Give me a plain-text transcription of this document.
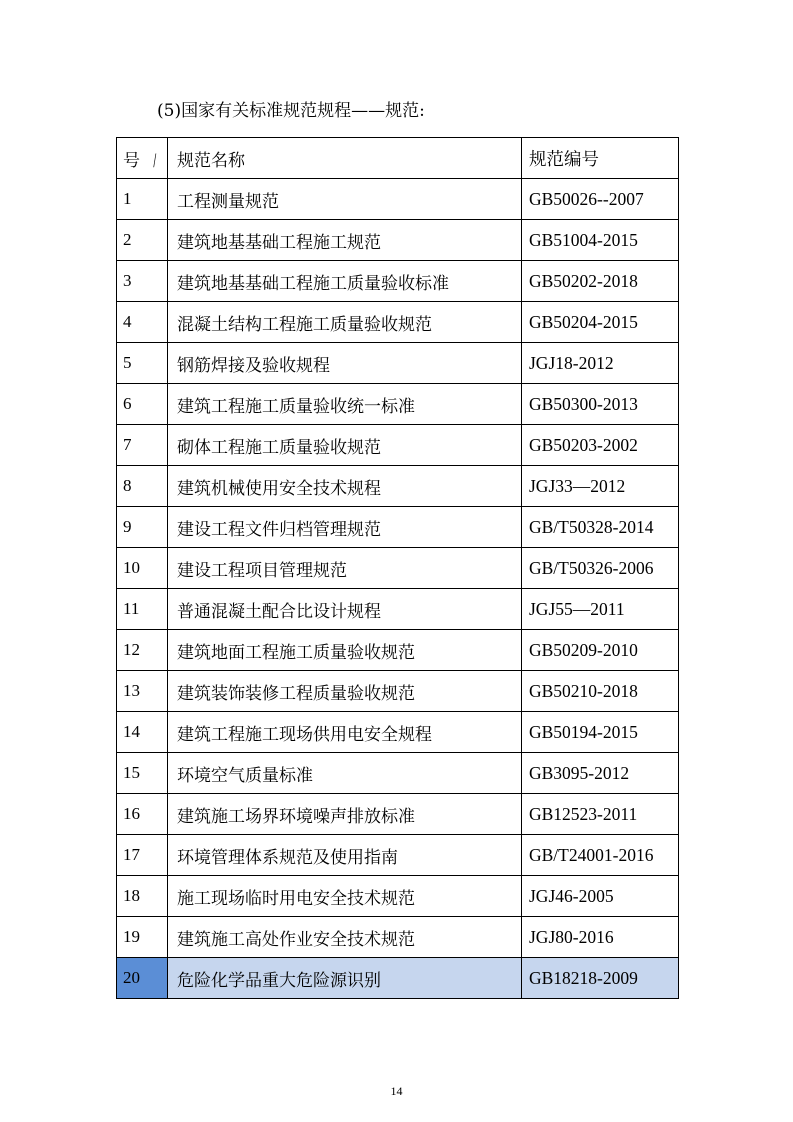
(5)国家有关标准规范规程——规范:
号 /	规范名称	规范编号
1	工程测量规范	GB50026--2007
2	建筑地基基础工程施工规范	GB51004-2015
3	建筑地基基础工程施工质量验收标准	GB50202-2018
4	混凝土结构工程施工质量验收规范	GB50204-2015
5	钢筋焊接及验收规程	JGJ18-2012
6	建筑工程施工质量验收统一标准	GB50300-2013
7	砌体工程施工质量验收规范	GB50203-2002
8	建筑机械使用安全技术规程	JGJ33—2012
9	建设工程文件归档管理规范	GB/T50328-2014
10	建设工程项目管理规范	GB/T50326-2006
11	普通混凝土配合比设计规程	JGJ55—2011
12	建筑地面工程施工质量验收规范	GB50209-2010
13	建筑装饰装修工程质量验收规范	GB50210-2018
14	建筑工程施工现场供用电安全规程	GB50194-2015
15	环境空气质量标准	GB3095-2012
16	建筑施工场界环境噪声排放标准	GB12523-2011
17	环境管理体系规范及使用指南	GB/T24001-2016
18	施工现场临时用电安全技术规范	JGJ46-2005
19	建筑施工高处作业安全技术规范	JGJ80-2016
20	危险化学品重大危险源识别	GB18218-2009
14
